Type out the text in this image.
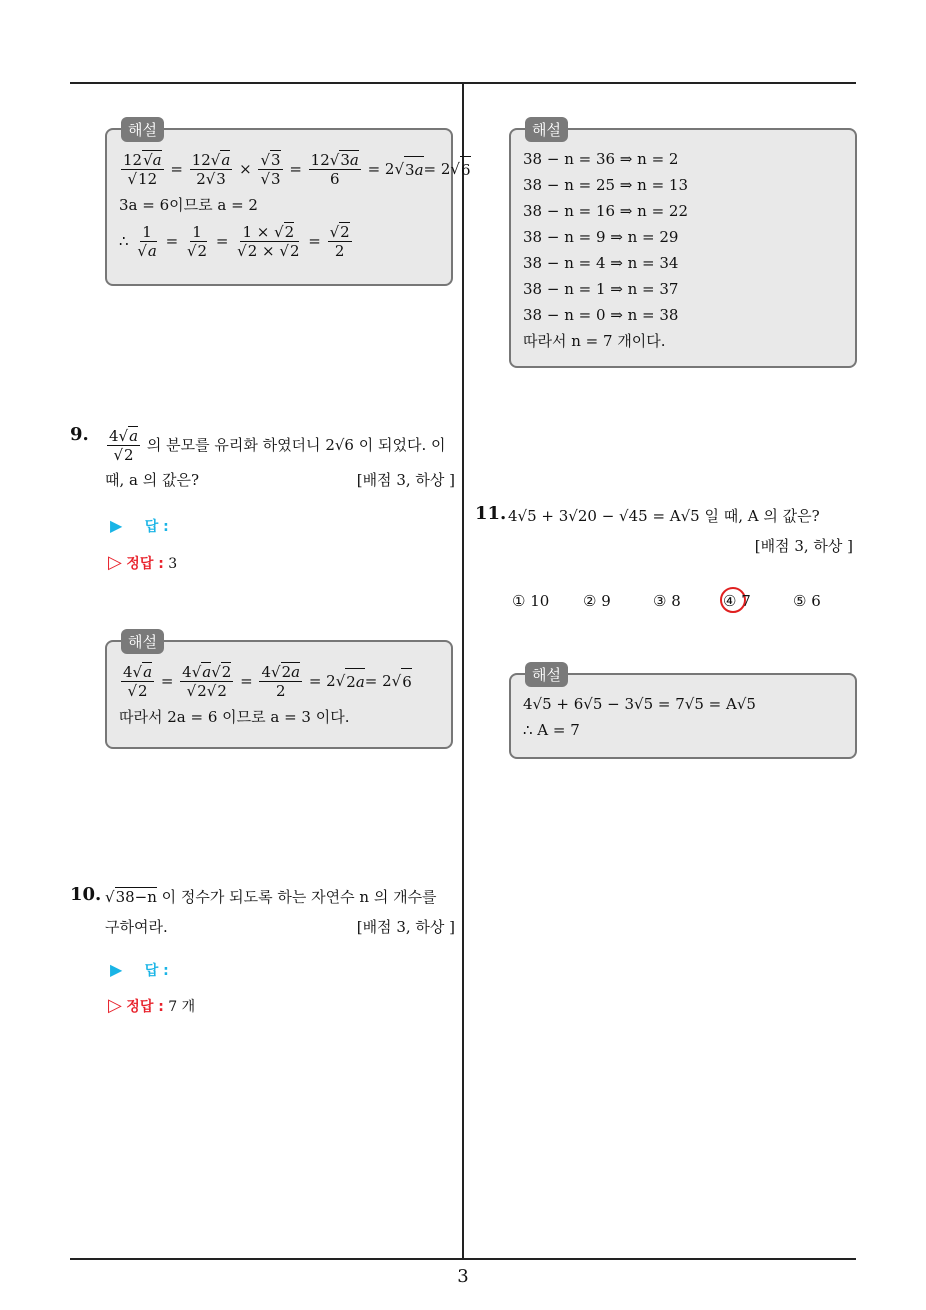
해설
$\frac{12√a}{√12} = \frac{12√a}{2√3} \times \frac{√3}{√3} = \frac{12√3a}{6} = 2√$ 3a = 2√ 6
3a = 6이므로 a = 2
∴ $\frac{1}{√a} = \frac{1}{√2} = \frac{1 \times √2}{√2 \times √2} = \frac{√2}{2}$
9. $\frac{4√a}{√2}$
의 분모를 유리화 하였더니
2√6
이 되었다. 이
때, a 의 값은?	[배점 3, 하상 ]
▶ 답 :
▷ 정답 : 3
해설
$\frac{4√a}{√2} = \frac{4√a√2}{√2√2} = \frac{4√2a}{2} = 2√$ 2a = 2√ 6
따라서 2a = 6 이므로 a = 3 이다.
10. √38−n 이 정수가 되도록 하는 자연수 n 의 개수를
구하여라.	[배점 3, 하상 ]
▶ 답 :
▷ 정답 : 7 개
해설
38 − n = 36 ⇒ n = 2
38 − n = 25 ⇒ n = 13
38 − n = 16 ⇒ n = 22
38 − n = 9 ⇒ n = 29
38 − n = 4 ⇒ n = 34
38 − n = 1 ⇒ n = 37
38 − n = 0 ⇒ n = 38
따라서 n = 7 개이다.
11. 4√5 + 3√20 − √45 = A√5 일 때, A 의 값은?
[배점 3, 하상 ]
① 10 ② 9	③ 8	④ 7	⑤ 6
해설
4√5 + 6√5 − 3√5 = 7√5 = A√5
∴ A = 7
3
